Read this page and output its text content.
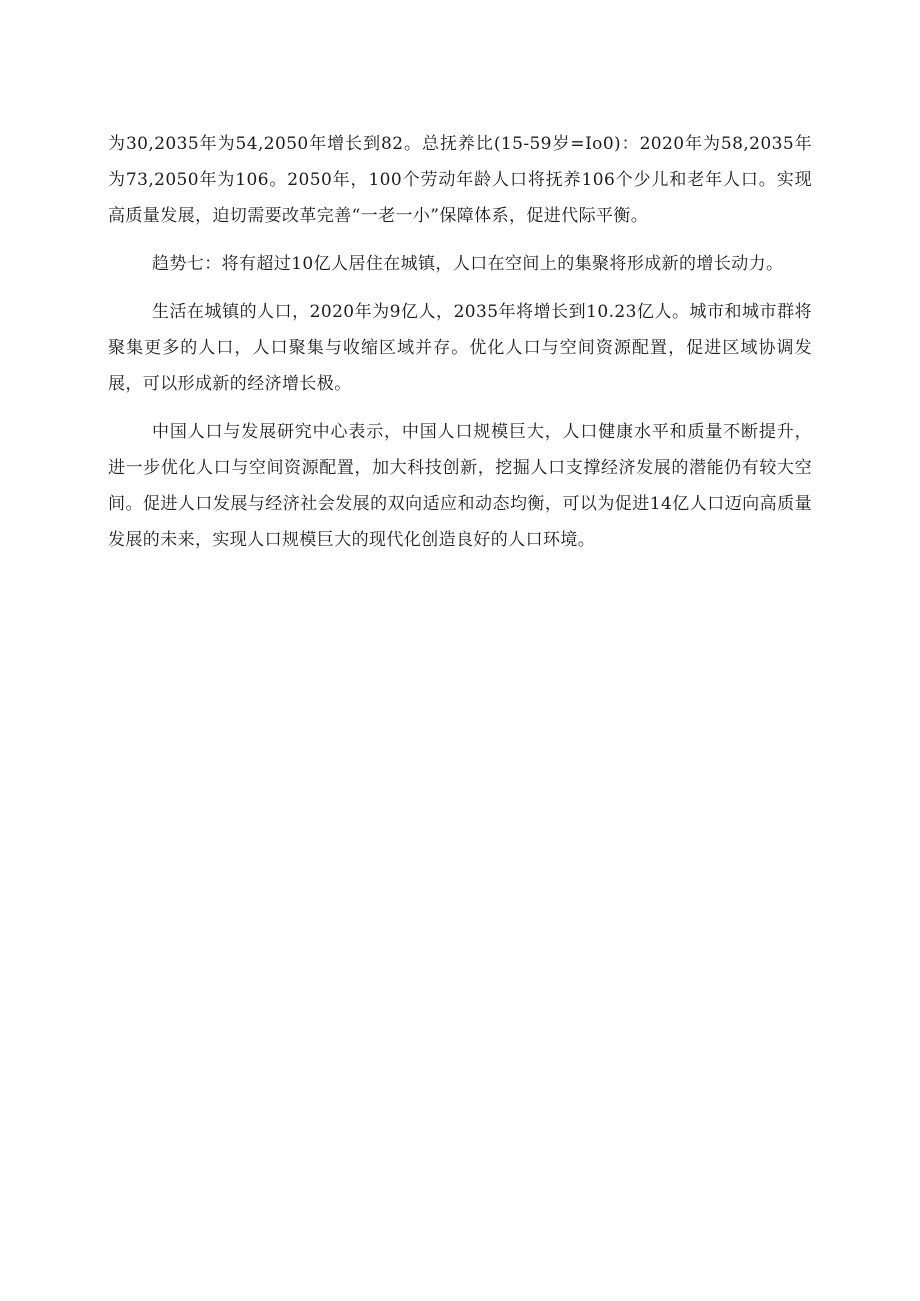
为30,2035年为54,2050年增长到82。总抚养比(15-59岁=Io0)：2020年为58,2035年为73,2050年为106。2050年，100个劳动年龄人口将抚养106个少儿和老年人口。实现高质量发展，迫切需要改革完善“一老一小”保障体系，促进代际平衡。

趋势七：将有超过10亿人居住在城镇，人口在空间上的集聚将形成新的增长动力。

生活在城镇的人口，2020年为9亿人，2035年将增长到10.23亿人。城市和城市群将聚集更多的人口，人口聚集与收缩区域并存。优化人口与空间资源配置，促进区域协调发展，可以形成新的经济增长极。

中国人口与发展研究中心表示，中国人口规模巨大，人口健康水平和质量不断提升，进一步优化人口与空间资源配置，加大科技创新，挖掘人口支撑经济发展的潜能仍有较大空间。促进人口发展与经济社会发展的双向适应和动态均衡，可以为促进14亿人口迈向高质量发展的未来，实现人口规模巨大的现代化创造良好的人口环境。
